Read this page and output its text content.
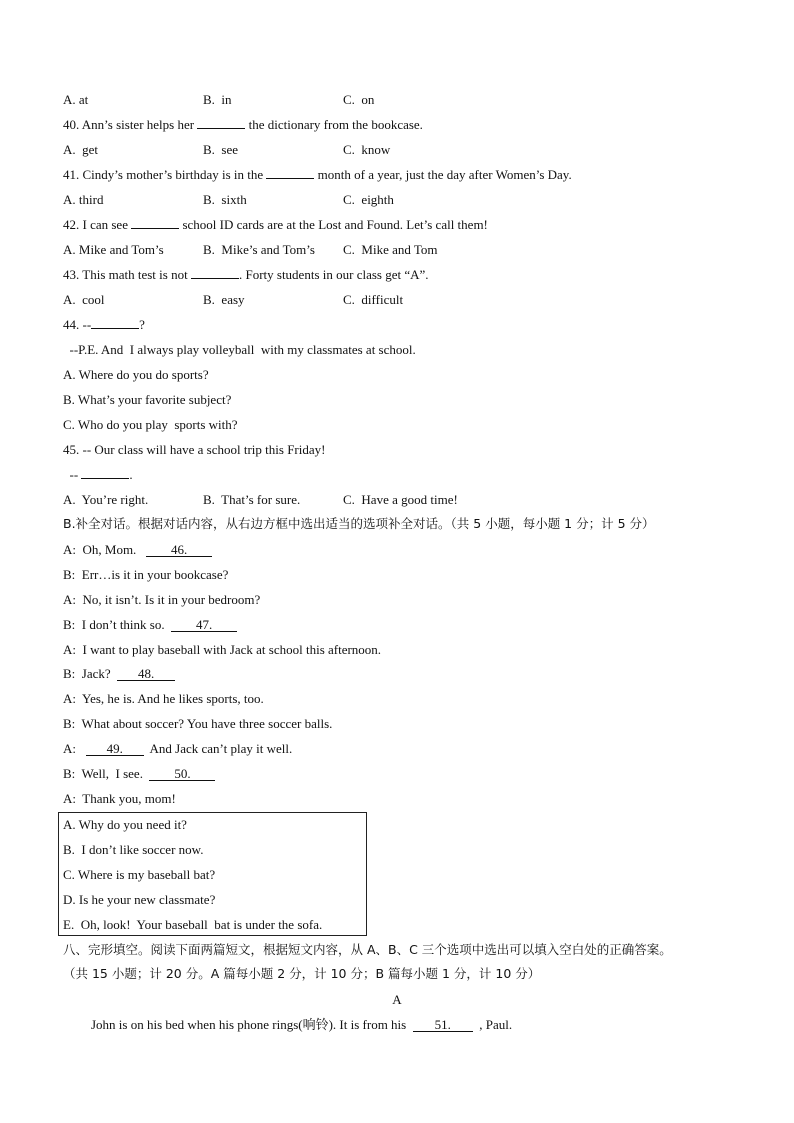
A. at	B.  in	C.  on
40. Ann’s sister helps her	the dictionary from the bookcase.
A.  get	B.  see	C.  know
41. Cindy’s mother’s birthday is in the	month of a year, just the day after Women’s Day.
A. third	B.  sixth	C.  eighth
42. I can see	school ID cards are at the Lost and Found. Let’s call them!
A. Mike and Tom’s	B.  Mike’s and Tom’s C.  Mike and Tom
43. This math test is not	. Forty students in our class get “A”.
A.  cool	B.  easy	C.  difficult
44. --	?
--P.E. And  I always play volleyball  with my classmates at school.
A. Where do you do sports?
B. What’s your favorite subject?
C. Who do you play  sports with?
45. -- Our class will have a school trip this Friday!
--	.
A.  You’re right.	B.  That’s for sure.	C.  Have a good time!
B.补全对话。根据对话内容，从右边方框中选出适当的选项补全对话。（共 5 小题，每小题 1 分；计 5 分）
A:  Oh, Mom.   46.
B:  Err…is it in your bookcase?
A:  No, it isn’t. Is it in your bedroom?
B:  I don’t think so.  47.
A:  I want to play baseball with Jack at school this afternoon.
B:  Jack?  48.
A:  Yes, he is. And he likes sports, too.
B:  What about soccer? You have three soccer balls.
A:   49.  And Jack can’t play it well.
B:  Well,  I see.  50.
A:  Thank you, mom!
A. Why do you need it?
B.  I don’t like soccer now.
C. Where is my baseball bat?
D. Is he your new classmate?
E.  Oh, look!  Your baseball  bat is under the sofa.
八、完形填空。阅读下面两篇短文，根据短文内容，从 A、B、C 三个选项中选出可以填入空白处的正确答案。
（共 15 小题；计 20 分。A 篇每小题 2 分，计 10 分；B 篇每小题 1 分，计 10 分）
A
John is on his bed when his phone rings(响铃). It is from his  51.  , Paul.
